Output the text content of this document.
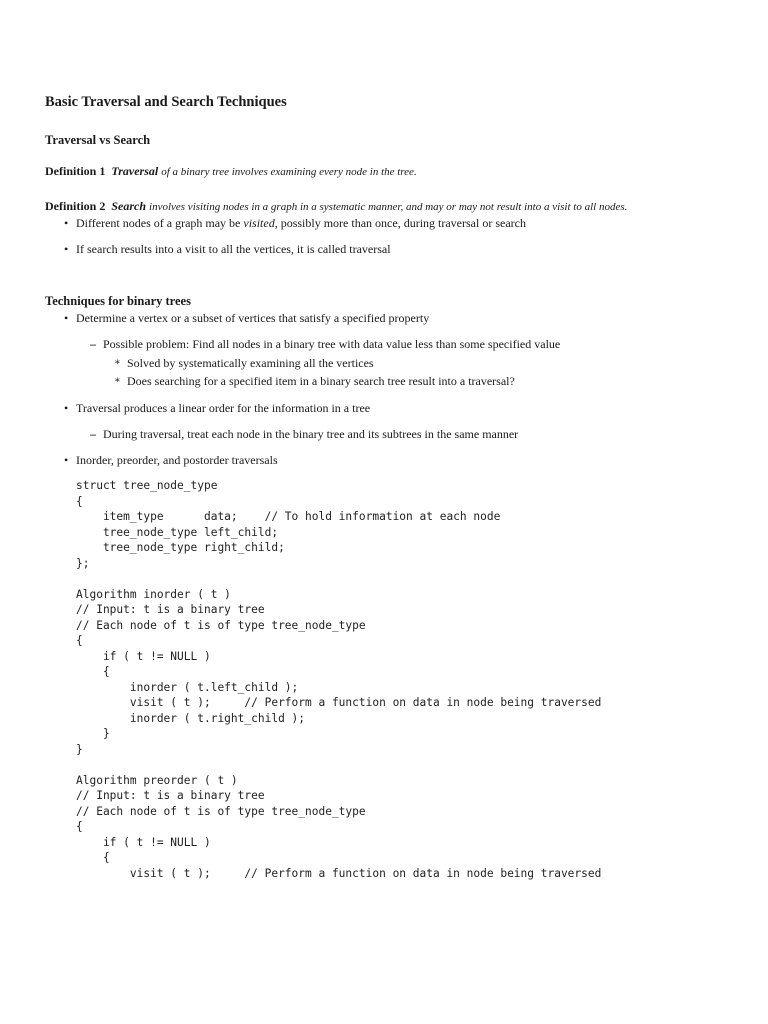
Basic Traversal and Search Techniques
Traversal vs Search
Definition 1 Traversal of a binary tree involves examining every node in the tree.
Definition 2 Search involves visiting nodes in a graph in a systematic manner, and may or may not result into a visit to all nodes.
• Different nodes of a graph may be visited, possibly more than once, during traversal or search
• If search results into a visit to all the vertices, it is called traversal
Techniques for binary trees
• Determine a vertex or a subset of vertices that satisfy a specified property
– Possible problem: Find all nodes in a binary tree with data value less than some specified value
∗ Solved by systematically examining all the vertices
∗ Does searching for a specified item in a binary search tree result into a traversal?
• Traversal produces a linear order for the information in a tree
– During traversal, treat each node in the binary tree and its subtrees in the same manner
• Inorder, preorder, and postorder traversals
struct tree_node_type
{
item_type      data;    // To hold information at each node
tree_node_type left_child;
tree_node_type right_child;
};
Algorithm inorder ( t )
// Input: t is a binary tree
// Each node of t is of type tree_node_type
{
if ( t != NULL )
{
inorder ( t.left_child );
visit ( t );     // Perform a function on data in node being traversed
inorder ( t.right_child );
}
}
Algorithm preorder ( t )
// Input: t is a binary tree
// Each node of t is of type tree_node_type
{
if ( t != NULL )
{
visit ( t );     // Perform a function on data in node being traversed
